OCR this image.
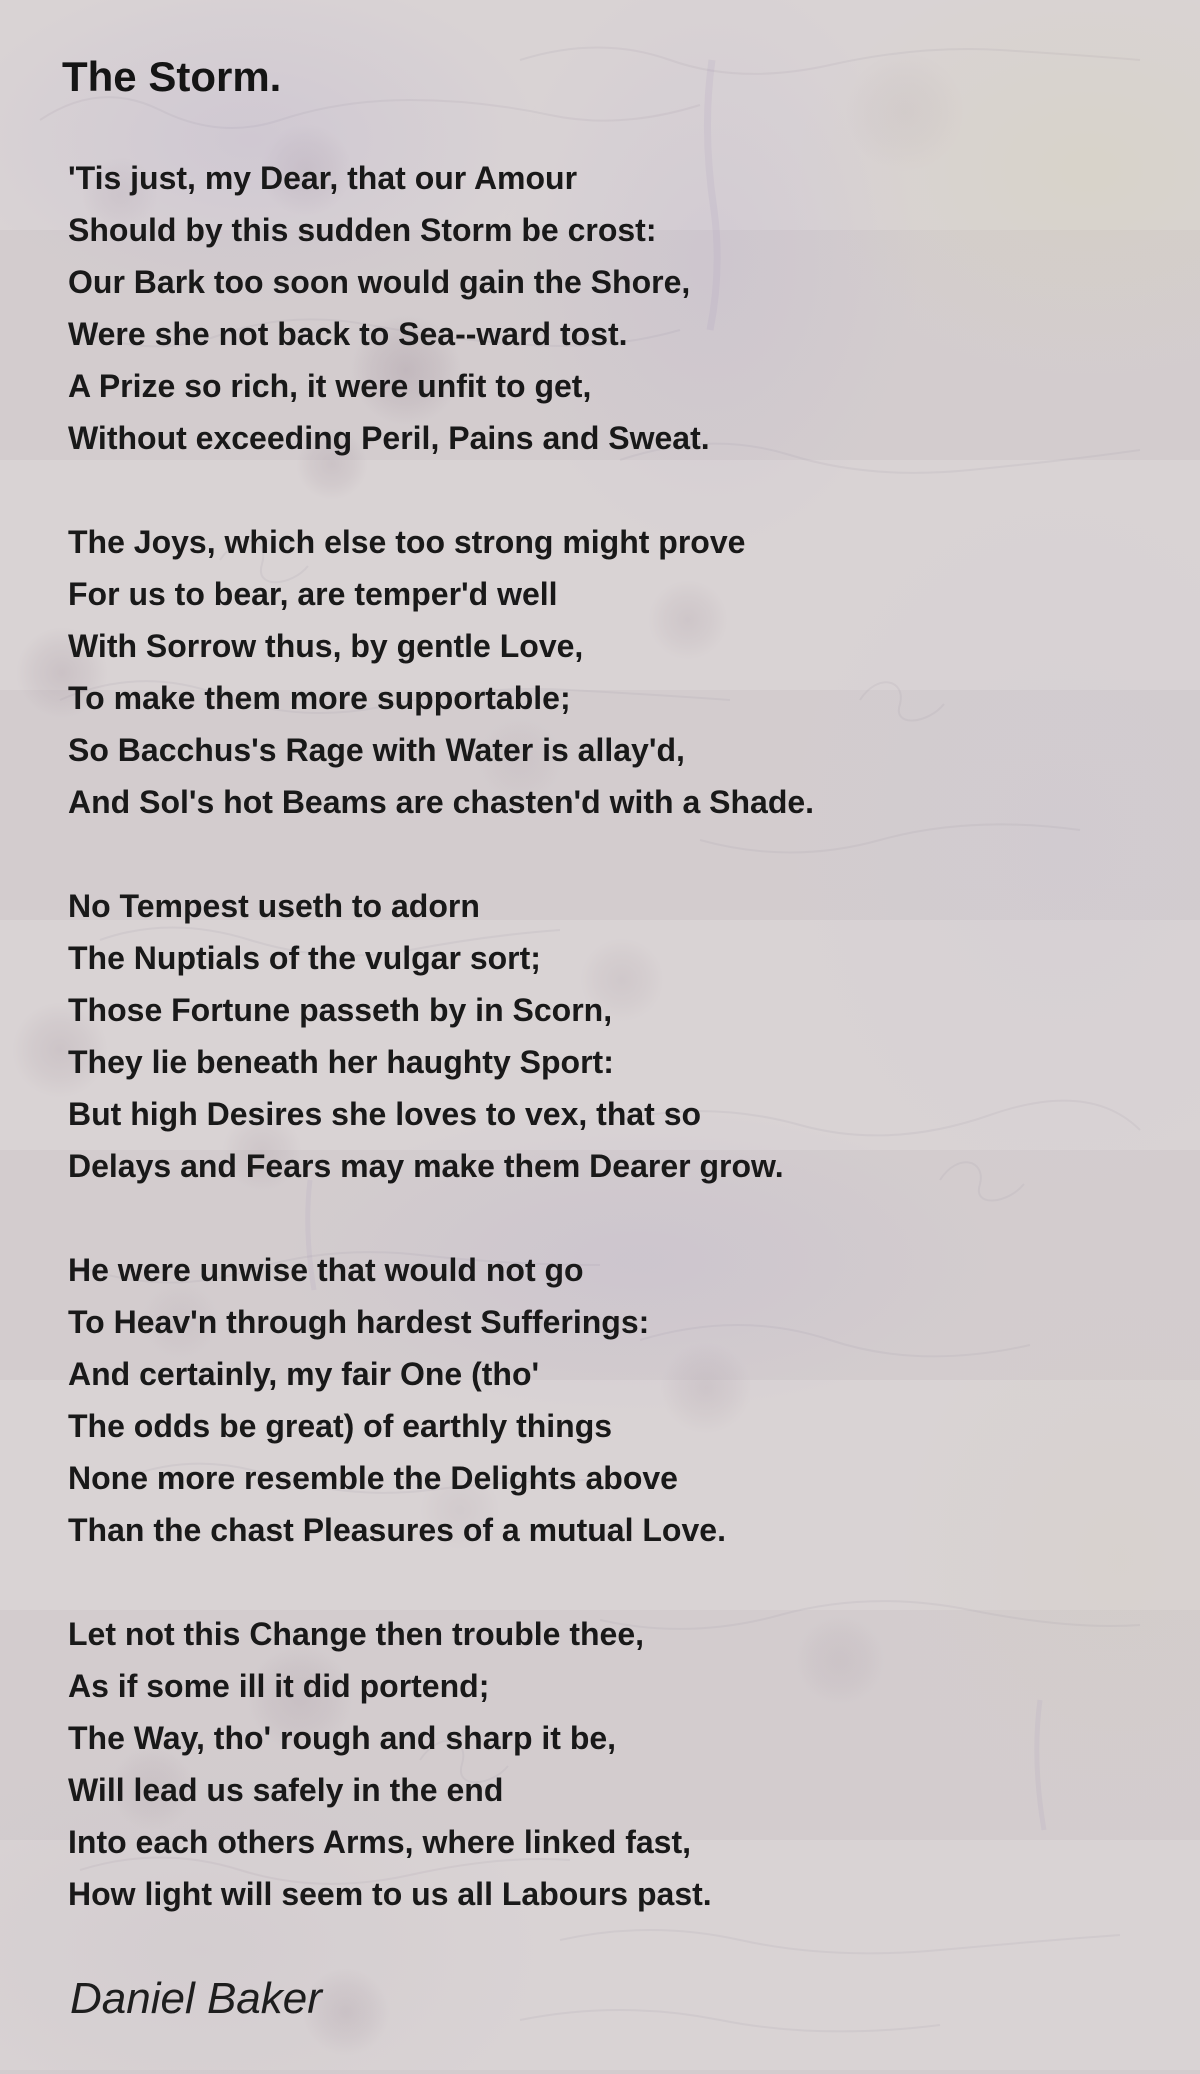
The Storm.
'Tis just, my Dear, that our Amour
Should by this sudden Storm be crost:
Our Bark too soon would gain the Shore,
Were she not back to Sea--ward tost.
A Prize so rich, it were unfit to get,
Without exceeding Peril, Pains and Sweat.
The Joys, which else too strong might prove
For us to bear, are temper'd well
With Sorrow thus, by gentle Love,
To make them more supportable;
So Bacchus's Rage with Water is allay'd,
And Sol's hot Beams are chasten'd with a Shade.
No Tempest useth to adorn
The Nuptials of the vulgar sort;
Those Fortune passeth by in Scorn,
They lie beneath her haughty Sport:
But high Desires she loves to vex, that so
Delays and Fears may make them Dearer grow.
He were unwise that would not go
To Heav'n through hardest Sufferings:
And certainly, my fair One (tho'
The odds be great) of earthly things
None more resemble the Delights above
Than the chast Pleasures of a mutual Love.
Let not this Change then trouble thee,
As if some ill it did portend;
The Way, tho' rough and sharp it be,
Will lead us safely in the end
Into each others Arms, where linked fast,
How light will seem to us all Labours past.
Daniel Baker
